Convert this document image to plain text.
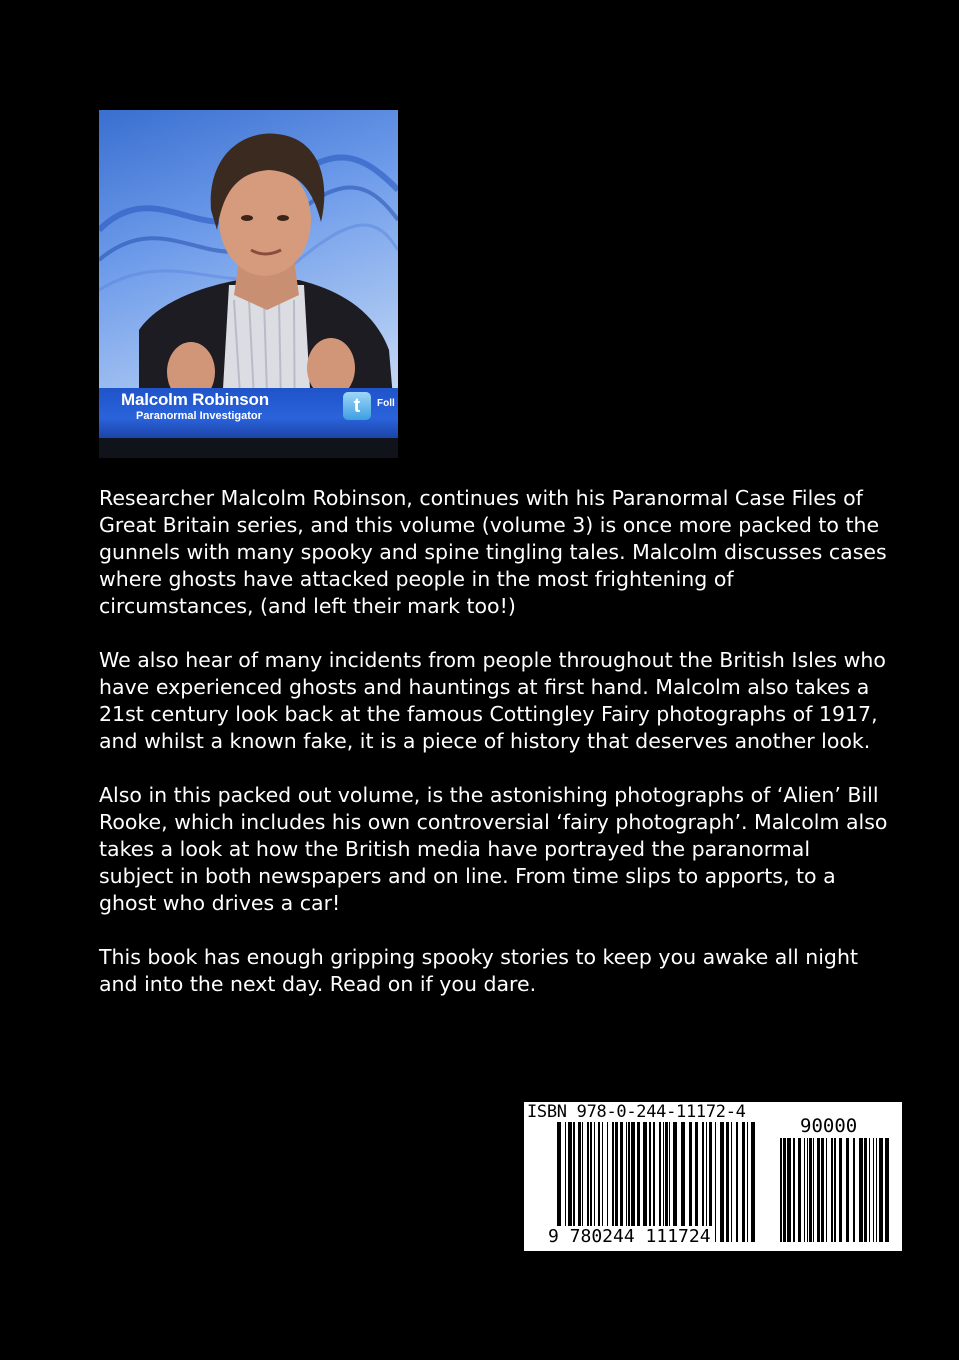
Malcolm Robinson
Paranormal Investigator	t	Foll

Researcher Malcolm Robinson, continues with his Paranormal Case Files of Great Britain series, and this volume (volume 3) is once more packed to the gunnels with many spooky and spine tingling tales. Malcolm discusses cases where ghosts have attacked people in the most frightening of circumstances, (and left their mark too!)

We also hear of many incidents from people throughout the British Isles who have experienced ghosts and hauntings at first hand. Malcolm also takes a 21st century look back at the famous Cottingley Fairy photographs of 1917, and whilst a known fake, it is a piece of history that deserves another look.

Also in this packed out volume, is the astonishing photographs of ‘Alien’ Bill Rooke, which includes his own controversial ‘fairy photograph’. Malcolm also takes a look at how the British media have portrayed the paranormal subject in both newspapers and on line. From time slips to apports, to a ghost who drives a car!

This book has enough gripping spooky stories to keep you awake all night and into the next day. Read on if you dare.

ISBN 978-0-244-11172-4
90000
9 780244 111724
